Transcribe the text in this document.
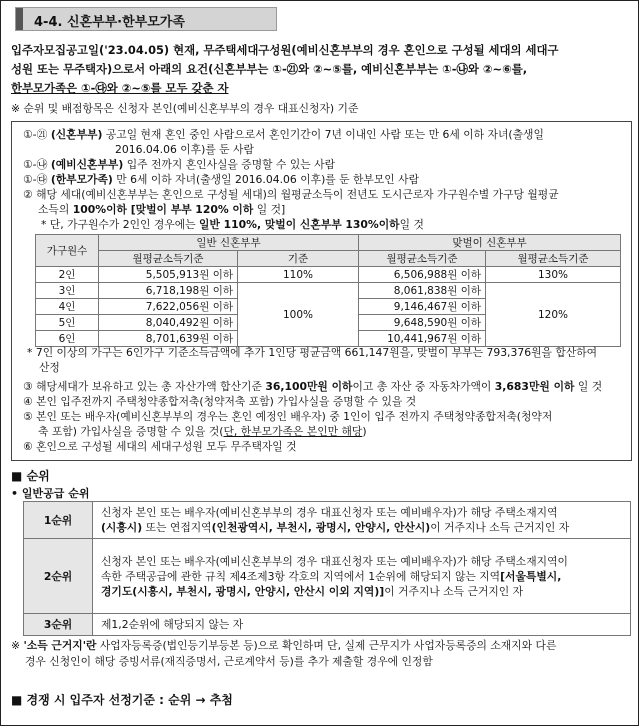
4-4. 신혼부부·한부모가족
입주자모집공고일('23.04.05) 현재, 무주택세대구성원(예비신혼부부의 경우 혼인으로 구성될 세대의 세대구
성원 또는 무주택자)으로서 아래의 요건(신혼부부는 ①-㉑와 ②~⑤를, 예비신혼부부는 ①-㉯와 ②~⑥를,
한부모가족은 ①-㉰와 ②~⑤를 모두 갖춘 자
※ 순위 및 배점항목은 신청자 본인(예비신혼부부의 경우 대표신청자) 기준
①-㉑ (신혼부부) 공고일 현재 혼인 중인 사람으로서 혼인기간이 7년 이내인 사람 또는 만 6세 이하 자녀(출생일
2016.04.06 이후)를 둔 사람
①-㉯ (예비신혼부부) 입주 전까지 혼인사실을 증명할 수 있는 사람
①-㉰ (한부모가족) 만 6세 이하 자녀(출생일 2016.04.06 이후)를 둔 한부모인 사람
② 해당 세대(예비신혼부부는 혼인으로 구성될 세대)의 월평균소득이 전년도 도시근로자 가구원수별 가구당 월평균
소득의 100%이하 [맞벌이 부부 120% 이하 일 것]
* 단, 가구원수가 2인인 경우에는 일반 110%, 맞벌이 신혼부부 130%이하일 것
가구원수	일반 신혼부부		맞벌이 신혼부부	
	월평균소득기준	기준	월평균소득기준	월평균소득기준
2인	5,505,913원 이하	110%	6,506,988원 이하	130%
3인	6,718,198원 이하	100%	8,061,838원 이하	120%
4인	7,622,056원 이하		9,146,467원 이하	
5인	8,040,492원 이하		9,648,590원 이하	
6인	8,701,639원 이하		10,441,967원 이하	
* 7인 이상의 가구는 6인가구 기준소득금액에 추가 1인당 평균금액 661,147원을, 맞벌이 부부는 793,376원을 합산하여
산정
③ 해당세대가 보유하고 있는 총 자산가액 합산기준 36,100만원 이하이고 총 자산 중 자동차가액이 3,683만원 이하 일 것
④ 본인 입주전까지 주택청약종합저축(청약저축 포함) 가입사실을 증명할 수 있을 것
⑤ 본인 또는 배우자(예비신혼부부의 경우는 혼인 예정인 배우자) 중 1인이 입주 전까지 주택청약종합저축(청약저
축 포함) 가입사실을 증명할 수 있을 것(단, 한부모가족은 본인만 해당)
⑥ 혼인으로 구성될 세대의 세대구성원 모두 무주택자일 것
■ 순위
• 일반공급 순위
1순위	신청자 본인 또는 배우자(예비신혼부부의 경우 대표신청자 또는 예비배우자)가 해당 주택소재지역
(시흥시) 또는 연접지역(인천광역시, 부천시, 광명시, 안양시, 안산시)이 거주지나 소득 근거지인 자
2순위	신청자 본인 또는 배우자(예비신혼부부의 경우 대표신청자 또는 예비배우자)가 해당 주택소재지역이
속한 주택공급에 관한 규칙 제4조제3항 각호의 지역에서 1순위에 해당되지 않는 지역[서울특별시,
경기도(시흥시, 부천시, 광명시, 안양시, 안산시 이외 지역)]이 거주지나 소득 근거지인 자
3순위	제1,2순위에 해당되지 않는 자
※ '소득 근거지'란 사업자등록증(법인등기부등본 등)으로 확인하며 단, 실제 근무지가 사업자등록증의 소재지와 다른
경우 신청인이 해당 증빙서류(재직증명서, 근로계약서 등)를 추가 제출할 경우에 인정함
■ 경쟁 시 입주자 선정기준 : 순위 → 추첨
